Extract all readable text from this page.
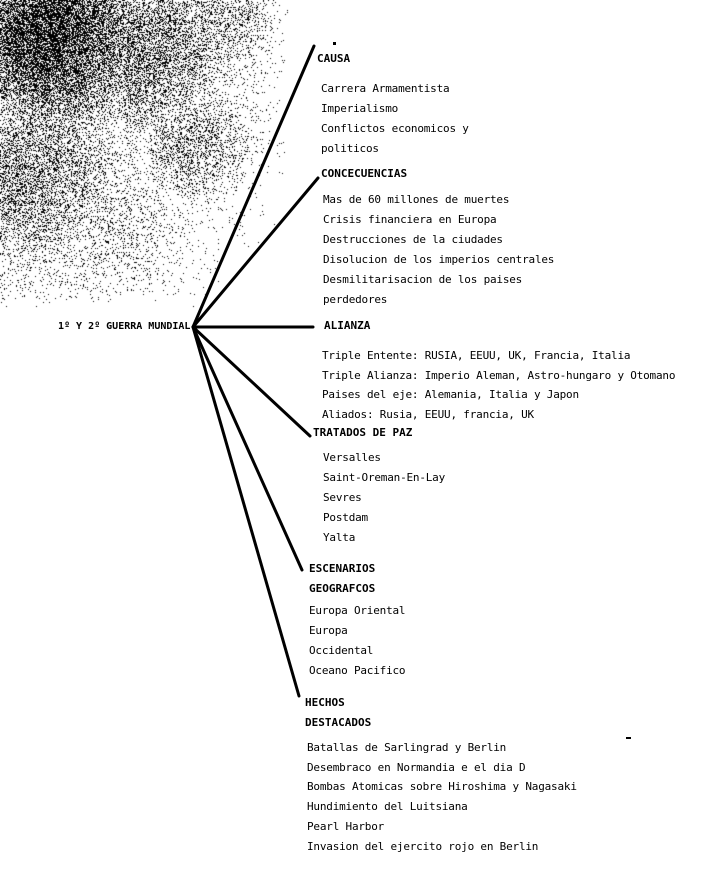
1º Y 2º GUERRA MUNDIAL
CAUSA
Carrera Armamentista
Imperialismo
Conflictos economicos y
politicos
CONCECUENCIAS
Mas de 60 millones de muertes
Crisis financiera en Europa
Destrucciones de la ciudades
Disolucion de los imperios centrales
Desmilitarisacion de los paises
perdedores
ALIANZA
Triple Entente: RUSIA, EEUU, UK, Francia, Italia
Triple Alianza: Imperio Aleman, Astro-hungaro y Otomano
Paises del eje: Alemania, Italia y Japon
Aliados: Rusia, EEUU, francia, UK
TRATADOS DE PAZ
Versalles
Saint-Oreman-En-Lay
Sevres
Postdam
Yalta
ESCENARIOS
GEOGRAFCOS
Europa Oriental
Europa
Occidental
Oceano Pacifico
HECHOS
DESTACADOS
Batallas de Sarlingrad y Berlin
Desembraco en Normandia e el dia D
Bombas Atomicas sobre Hiroshima y Nagasaki
Hundimiento del Luitsiana
Pearl Harbor
Invasion del ejercito rojo en Berlin
